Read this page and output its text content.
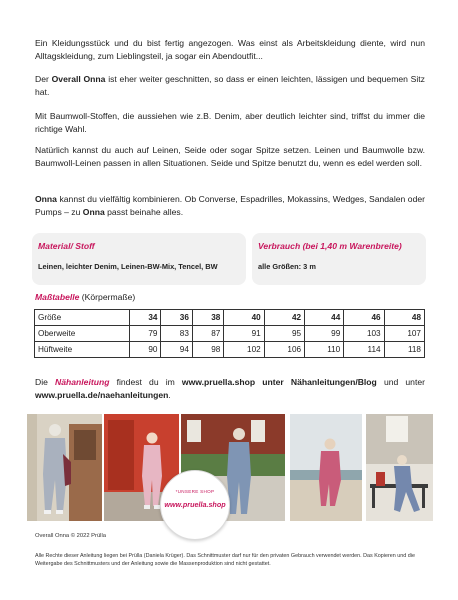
Ein Kleidungsstück und du bist fertig angezogen. Was einst als Arbeitskleidung diente, wird nun Alltagskleidung, zum Lieblingsteil, ja sogar ein Abendoutfit...

Der Overall Onna ist eher weiter geschnitten, so dass er einen leichten, lässigen und bequemen Sitz hat.

Mit Baumwoll-Stoffen, die aussiehen wie z.B. Denim, aber deutlich leichter sind, triffst du immer die richtige Wahl.

Natürlich kannst du auch auf Leinen, Seide oder sogar Spitze setzen. Leinen und Baumwolle bzw. Baumwoll-Leinen passen in allen Situationen. Seide und Spitze benutzt du, wenn es edel werden soll.

Onna kannst du vielfältig kombinieren. Ob Converse, Espadrilles, Mokassins, Wedges, Sandalen oder Pumps – zu Onna passt beinahe alles.

Material/ Stoff
Leinen, leichter Denim, Leinen-BW-Mix, Tencel, BW
Verbrauch (bei 1,40 m Warenbreite)
alle Größen: 3 m
Maßtabelle (Körpermaße)
Größe	34	36	38	40	42	44	46	48
Oberweite	79	83	87	91	95	99	103	107
Hüftweite	90	94	98	102	106	110	114	118

Die Nähanleitung findest du im www.pruella.shop unter Nähanleitungen/Blog und unter www.pruella.de/naehanleitungen.

*UNSERE SHOP
www.pruella.shop

Overall Onna © 2022 Prülla

Alle Rechte dieser Anleitung liegen bei Prülla (Daniela Krüger). Das Schnittmuster darf nur für den privaten Gebrauch verwendet werden. Das Kopieren und die Weitergabe des Schnittmusters und der Anleitung sowie die Massenproduktion sind nicht gestattet.
